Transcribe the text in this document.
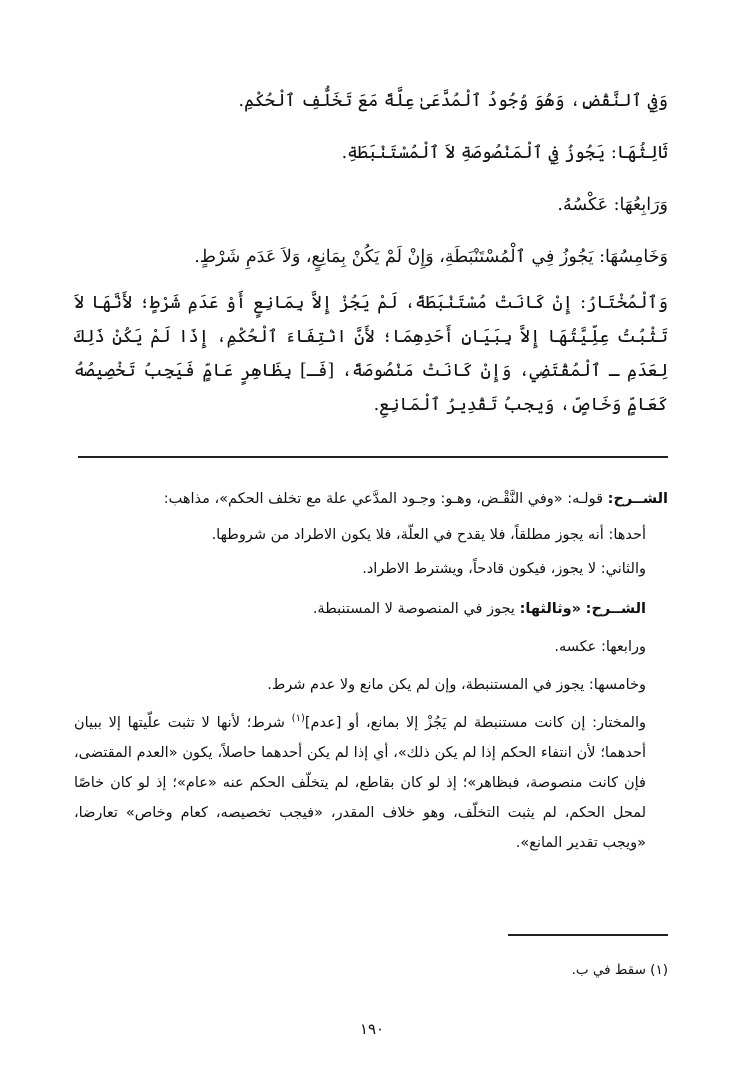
وَفِي ٱلنَّقْضِ، وَهُوَ وُجُودُ ٱلْمُدَّعَىٰ عِلَّةً مَعَ تَخَلُّفِ ٱلْحُكْمِ.

ثَالِثُهَا: يَجُوزُ فِي ٱلْمَنْصُوصَةِ لاَ ٱلْمُسْتَنْبَطَةِ.

وَرَابِعُهَا: عَكْسُهُ.

وَخَامِسُهَا: يَجُوزُ فِي ٱلْمُسْتَنْبَطَةِ، وَإِنْ لَمْ يَكُنْ بِمَانِعٍ، وَلاَ عَدَمِ شَرْطٍ.

وَٱلْمُخْتَارُ: إِنْ كَانَتْ مُسْتَنْبَطَةً، لَمْ يَجُزْ إِلاَّ بِمَانِعٍ أَوْ عَدَمِ شَرْطٍ؛ لأَنَّهَا لاَ تَثْبُتُ عِلِّيَّتُهَا إِلاَّ بِبَيَانِ أَحَدِهِمَا؛ لأَنَّ انْتِفَاءَ ٱلْحُكْمِ، إِذَا لَمْ يَكُنْ ذَلِكَ لِعَدَمِ ـ ٱلْمُقْتَضِي، وَإِنْ كَانَتْ مَنْصُوصَةً، [فَـ] بِظَاهِرٍ عَامٍّ فَيَجِبُ تَخْصِيصُهُ كَعَامٍّ وَخَاصٍّ، وَيجبُ تَقْدِيرُ ٱلْمَانِعِ.

الشــرح: قولـه: «وفي النَّقْـض، وهـو: وجـود المدَّعي علة مع تخلف الحكم»، مذاهب:

أحدها: أنه يجوز مطلقاً، فلا يقدح في العلّة، فلا يكون الاطراد من شروطها.

والثاني: لا يجوز، فيكون قادحاً، ويشترط الاطراد.

الشــرح: «وثالثها: يجوز في المنصوصة لا المستنبطة.

ورابعها: عكسه.

وخامسها: يجوز في المستنبطة، وإن لم يكن مانع ولا عدم شرط.

والمختار: إن كانت مستنبطة لم يَجُزْ إلا بمانع، أو [عدم]$^{(١)}$ شرط؛ لأنها لا تثبت علّيتها إلا ببيان أحدهما؛ لأن انتفاء الحكم إذا لم يكن ذلك»، أي إذا لم يكن أحدهما حاصلاً، يكون «العدم المقتضى، فإن كانت منصوصة، فبظاهر»؛ إذ لو كان بقاطع، لم يتخلّف الحكم عنه «عام»؛ إذ لو كان خاصًا لمحل الحكم، لم يثبت التخلّف، وهو خلاف المقدر، «فيجب تخصيصه، كعام وخاص» تعارضا، «ويجب تقدير المانع».

(١) سقط في ب.

١٩٠
